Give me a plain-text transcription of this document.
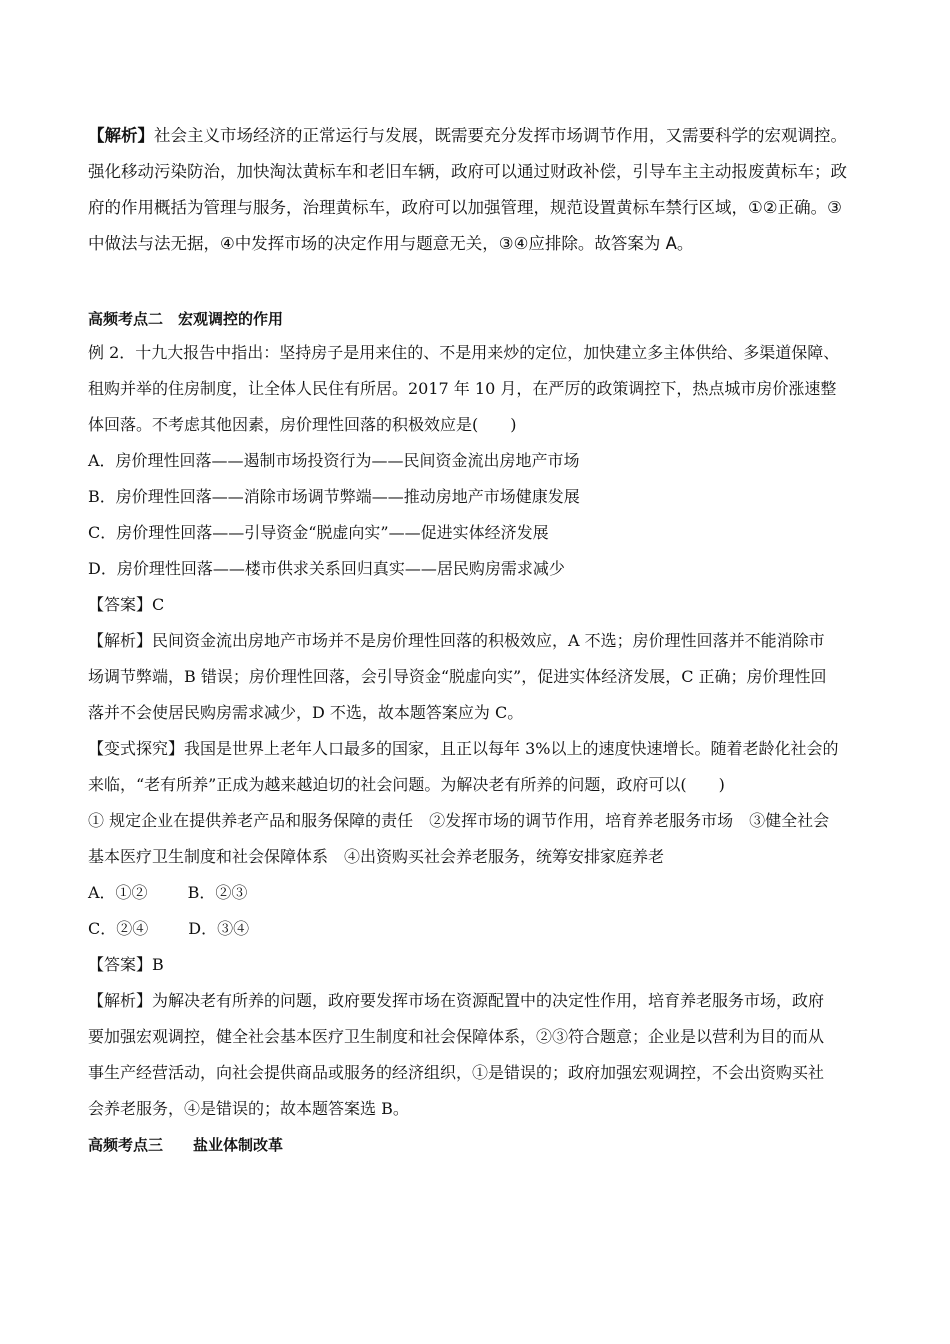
【解析】社会主义市场经济的正常运行与发展，既需要充分发挥市场调节作用，又需要科学的宏观调控。

强化移动污染防治，加快淘汰黄标车和老旧车辆，政府可以通过财政补偿，引导车主主动报废黄标车；政

府的作用概括为管理与服务，治理黄标车，政府可以加强管理，规范设置黄标车禁行区域，①②正确。③

中做法与法无据，④中发挥市场的决定作用与题意无关，③④应排除。故答案为 A。

高频考点二　宏观调控的作用

例 2．十九大报告中指出：坚持房子是用来住的、不是用来炒的定位，加快建立多主体供给、多渠道保障、

租购并举的住房制度，让全体人民住有所居。2017 年 10 月，在严厉的政策调控下，热点城市房价涨速整

体回落。不考虑其他因素，房价理性回落的积极效应是(　　)

A．房价理性回落——遏制市场投资行为——民间资金流出房地产市场

B．房价理性回落——消除市场调节弊端——推动房地产市场健康发展

C．房价理性回落——引导资金“脱虚向实”——促进实体经济发展

D．房价理性回落——楼市供求关系回归真实——居民购房需求减少

【答案】C

【解析】民间资金流出房地产市场并不是房价理性回落的积极效应，A 不选；房价理性回落并不能消除市

场调节弊端，B 错误；房价理性回落，会引导资金“脱虚向实”，促进实体经济发展，C 正确；房价理性回

落并不会使居民购房需求减少，D 不选，故本题答案应为 C。

【变式探究】我国是世界上老年人口最多的国家，且正以每年 3%以上的速度快速增长。随着老龄化社会的

来临，“老有所养”正成为越来越迫切的社会问题。为解决老有所养的问题，政府可以(　　)

① 规定企业在提供养老产品和服务保障的责任　②发挥市场的调节作用，培育养老服务市场　③健全社会

基本医疗卫生制度和社会保障体系　④出资购买社会养老服务，统筹安排家庭养老

A．①②	B．②③

C．②④	D．③④

【答案】B

【解析】为解决老有所养的问题，政府要发挥市场在资源配置中的决定性作用，培育养老服务市场，政府

要加强宏观调控，健全社会基本医疗卫生制度和社会保障体系，②③符合题意；企业是以营利为目的而从

事生产经营活动，向社会提供商品或服务的经济组织，①是错误的；政府加强宏观调控，不会出资购买社

会养老服务，④是错误的；故本题答案选 B。

高频考点三　　盐业体制改革
